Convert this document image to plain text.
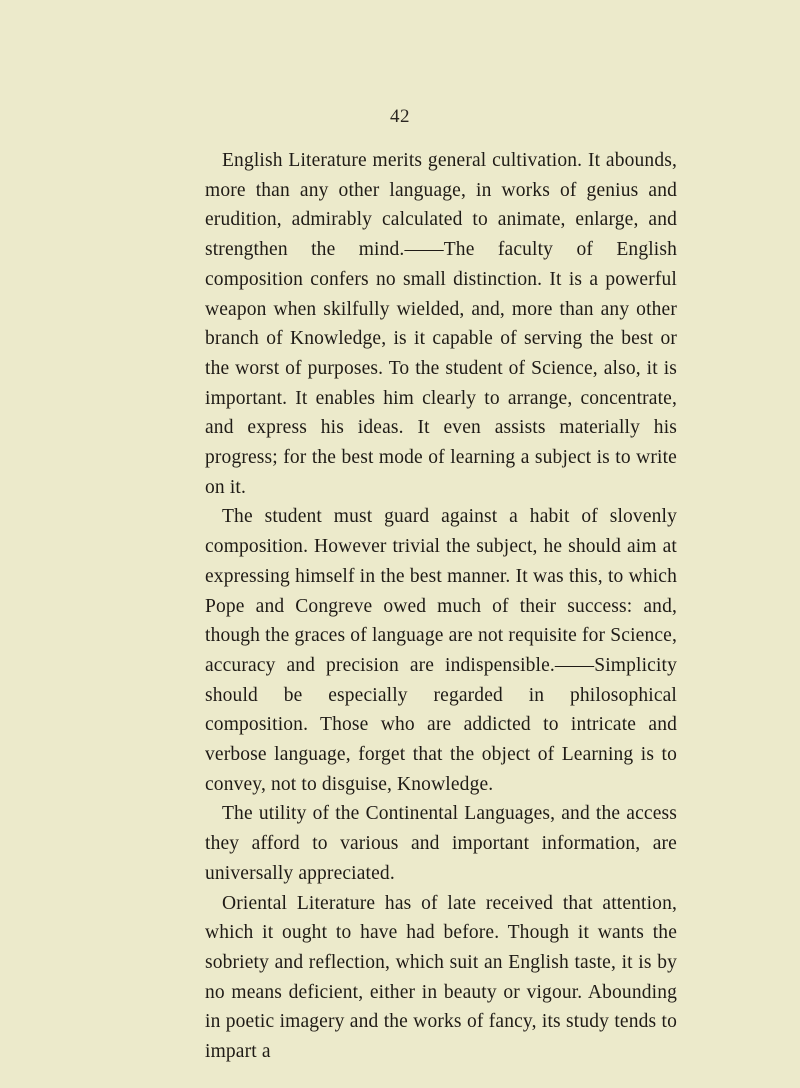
42

English Literature merits general cultivation. It abounds, more than any other language, in works of genius and erudition, admirably calculated to animate, enlarge, and strengthen the mind.——The faculty of English composition confers no small distinction. It is a powerful weapon when skilfully wielded, and, more than any other branch of Knowledge, is it capable of serving the best or the worst of purposes. To the student of Science, also, it is important. It enables him clearly to arrange, concentrate, and express his ideas. It even assists materially his progress; for the best mode of learning a subject is to write on it.

The student must guard against a habit of slovenly composition. However trivial the subject, he should aim at expressing himself in the best manner. It was this, to which Pope and Congreve owed much of their success: and, though the graces of language are not requisite for Science, accuracy and precision are indispensible.——Simplicity should be especially regarded in philosophical composition. Those who are addicted to intricate and verbose language, forget that the object of Learning is to convey, not to disguise, Knowledge.

The utility of the Continental Languages, and the access they afford to various and important information, are universally appreciated.

Oriental Literature has of late received that attention, which it ought to have had before. Though it wants the sobriety and reflection, which suit an English taste, it is by no means deficient, either in beauty or vigour. Abounding in poetic imagery and the works of fancy, its study tends to impart a
